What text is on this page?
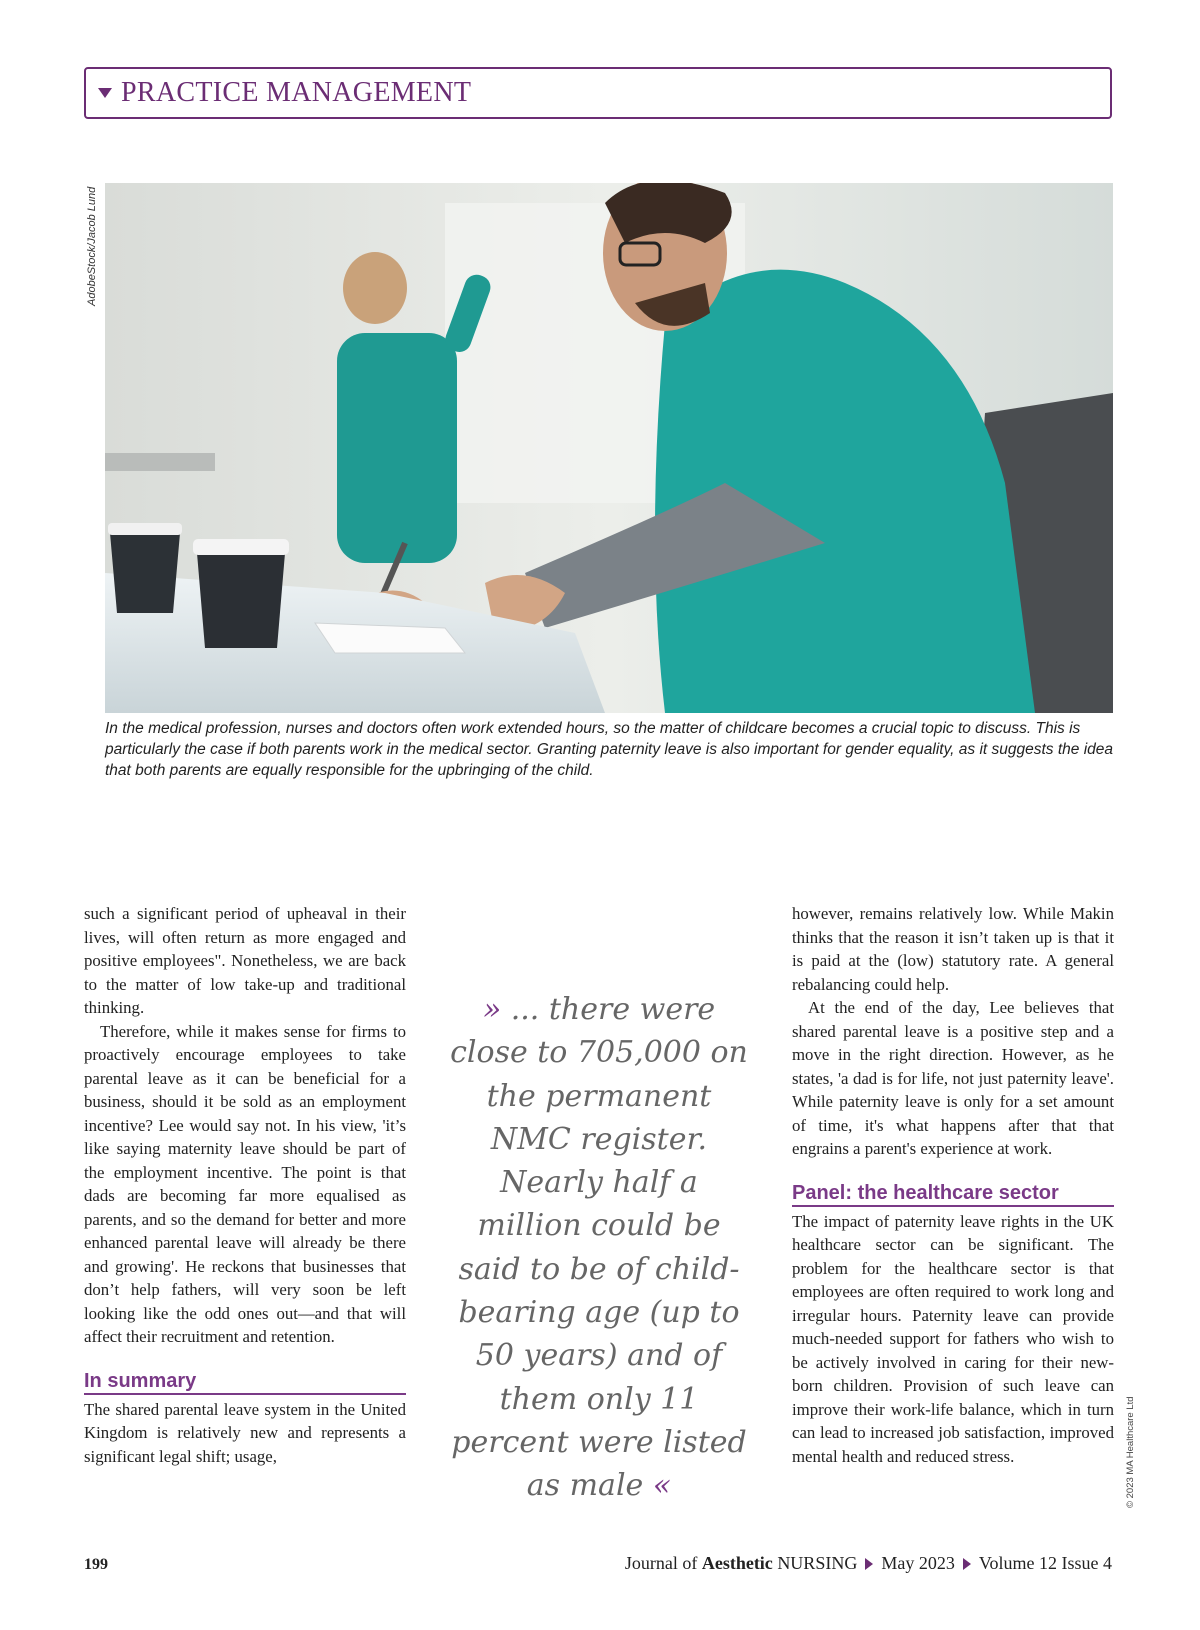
PRACTICE MANAGEMENT
AdobeStock/Jacob Lund
In the medical profession, nurses and doctors often work extended hours, so the matter of childcare becomes a crucial topic to discuss. This is particularly the case if both parents work in the medical sector. Granting paternity leave is also important for gender equality, as it suggests the idea that both parents are equally responsible for the upbringing of the child.

such a significant period of upheaval in their lives, will often return as more engaged and positive employees". Nonetheless, we are back to the matter of low take-up and traditional thinking.

Therefore, while it makes sense for firms to proactively encourage employees to take parental leave as it can be beneficial for a business, should it be sold as an employment incentive? Lee would say not. In his view, 'it’s like saying maternity leave should be part of the employment incentive. The point is that dads are becoming far more equalised as parents, and so the demand for better and more enhanced parental leave will already be there and growing'. He reckons that businesses that don’t help fathers, will very soon be left looking like the odd ones out—and that will affect their recruitment and retention.

In summary

The shared parental leave system in the United Kingdom is relatively new and represents a significant legal shift; usage,

» ... there were close to 705,000 on the permanent NMC register. Nearly half a million could be said to be of child-bearing age (up to 50 years) and of them only 11 percent were listed as male «

however, remains relatively low. While Makin thinks that the reason it isn’t taken up is that it is paid at the (low) statutory rate. A general rebalancing could help.

At the end of the day, Lee believes that shared parental leave is a positive step and a move in the right direction. However, as he states, 'a dad is for life, not just paternity leave'. While paternity leave is only for a set amount of time, it's what happens after that that engrains a parent's experience at work.

Panel: the healthcare sector

The impact of paternity leave rights in the UK healthcare sector can be significant. The problem for the healthcare sector is that employees are often required to work long and irregular hours. Paternity leave can provide much-needed support for fathers who wish to be actively involved in caring for their new-born children. Provision of such leave can improve their work-life balance, which in turn can lead to increased job satisfaction, improved mental health and reduced stress.	© 2023 MA Healthcare Ltd
199	Journal of
Aesthetic
NURSING May 2023 Volume 12 Issue 4
